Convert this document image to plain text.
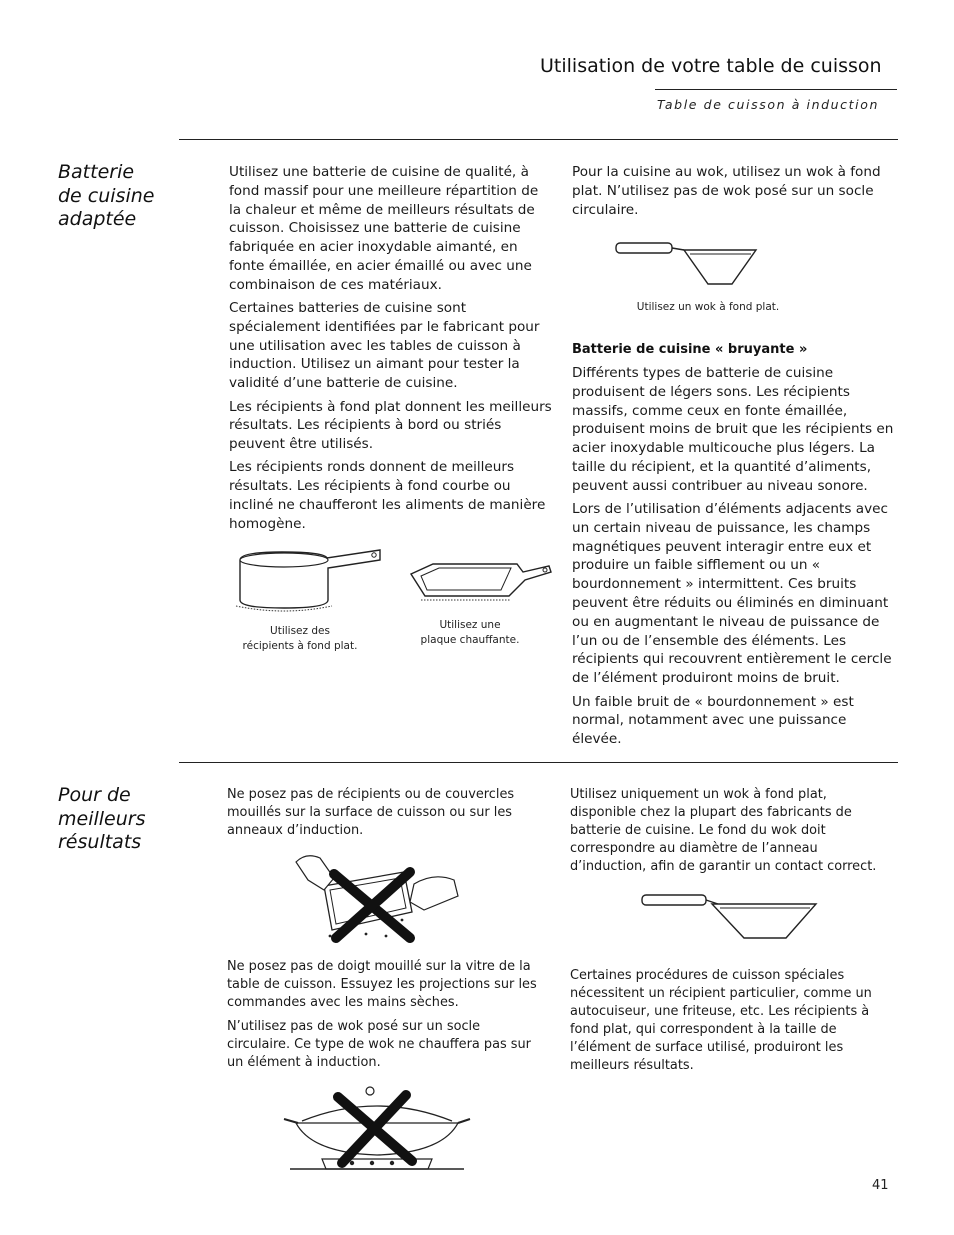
Utilisation de votre table de cuisson
Table de cuisson à induction
Batterie
de cuisine
adaptée

Utilisez une batterie de cuisine de qualité, à fond massif pour une meilleure répartition de la chaleur et même de meilleurs résultats de cuisson. Choisissez une batterie de cuisine fabriquée en acier inoxydable aimanté, en fonte émaillée, en acier émaillé ou avec une combinaison de ces matériaux.

Certaines batteries de cuisine sont spécialement identifiées par le fabricant pour une utilisation avec les tables de cuisson à induction. Utilisez un aimant pour tester la validité d’une batterie de cuisine.

Les récipients à fond plat donnent les meilleurs résultats. Les récipients à bord ou striés peuvent être utilisés.

Les récipients ronds donnent de meilleurs résultats. Les récipients à fond courbe ou incliné ne chaufferont les aliments de manière homogène.

Utilisez des
récipients à fond plat.
Utilisez une
plaque chauffante.
Pour la cuisine au wok, utilisez un wok à fond plat. N’utilisez pas de wok posé sur un socle circulaire.
Utilisez un wok à fond plat.
Batterie de cuisine « bruyante »

Différents types de batterie de cuisine produisent de légers sons. Les récipients massifs, comme ceux en fonte émaillée, produisent moins de bruit que les récipients en acier inoxydable multicouche plus légers. La taille du récipient, et la quantité d’aliments, peuvent aussi contribuer au niveau sonore.

Lors de l’utilisation d’éléments adjacents avec un certain niveau de puissance, les champs magnétiques peuvent interagir entre eux et produire un faible sifflement ou un « bourdonnement » intermittent. Ces bruits peuvent être réduits ou éliminés en diminuant ou en augmentant le niveau de puissance de l’un ou de l’ensemble des éléments. Les récipients qui recouvrent entièrement le cercle de l’élément produiront moins de bruit.

Un faible bruit de « bourdonnement » est normal, notamment avec une puissance élevée.

Pour de
meilleurs
résultats
Ne posez pas de récipients ou de couvercles mouillés sur la surface de cuisson ou sur les anneaux d’induction.

Ne posez pas de doigt mouillé sur la vitre de la table de cuisson. Essuyez les projections sur les commandes avec les mains sèches.

N’utilisez pas de wok posé sur un socle circulaire. Ce type de wok ne chauffera pas sur un élément à induction.

Utilisez uniquement un wok à fond plat, disponible chez la plupart des fabricants de batterie de cuisine. Le fond du wok doit correspondre au diamètre de l’anneau d’induction, afin de garantir un contact correct.
Certaines procédures de cuisson spéciales nécessitent un récipient particulier, comme un autocuiseur, une friteuse, etc. Les récipients à fond plat, qui correspondent à la taille de l’élément de surface utilisé, produiront les meilleurs résultats.
41
